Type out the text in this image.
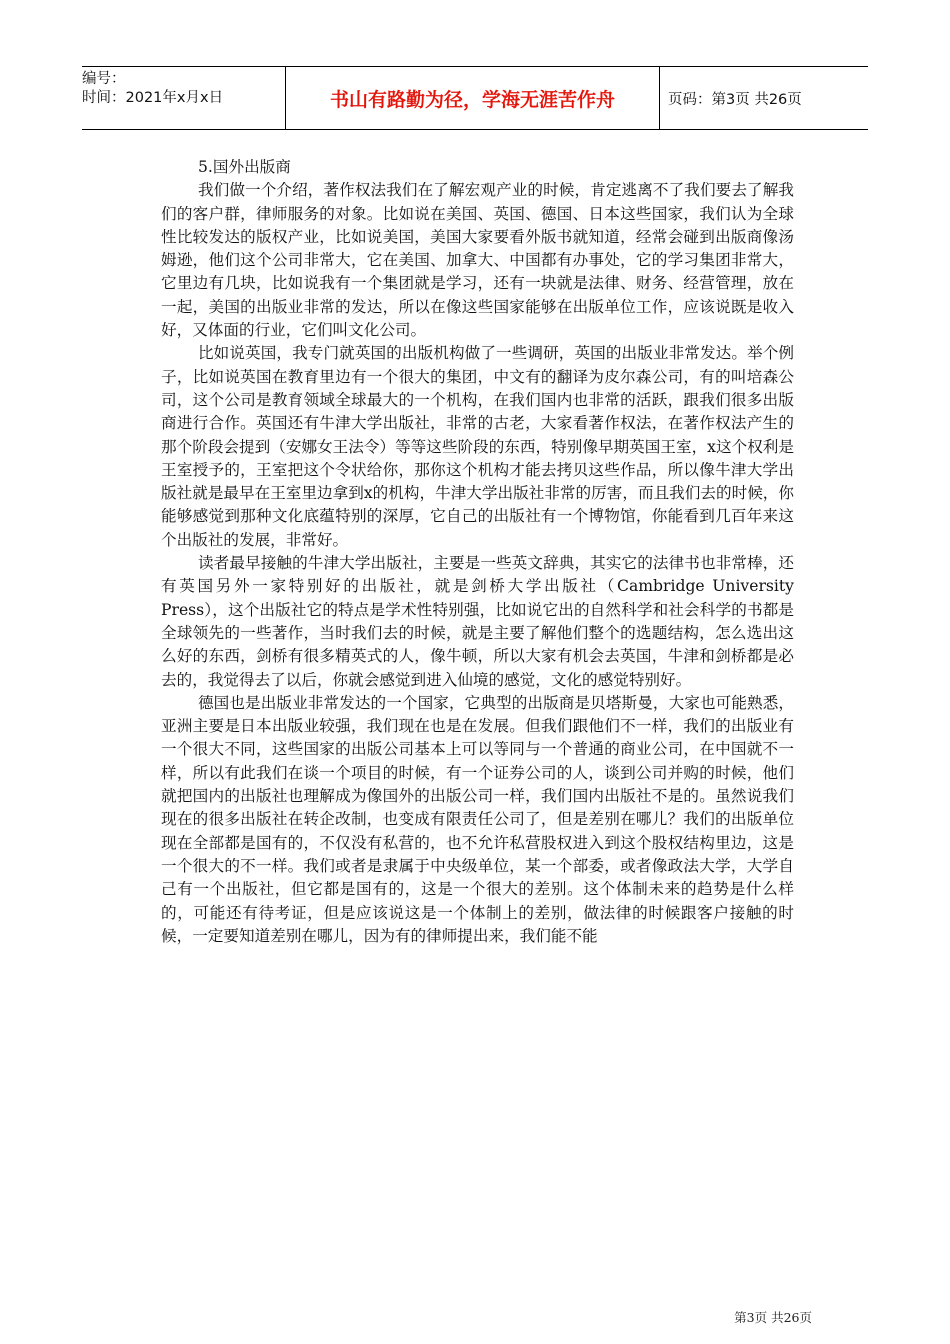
编号：
时间：2021年x月x日	书山有路勤为径，学海无涯苦作舟	页码：第3页 共26页

5.国外出版商

我们做一个介绍，著作权法我们在了解宏观产业的时候，肯定逃离不了我们要去了解我们的客户群，律师服务的对象。比如说在美国、英国、德国、日本这些国家，我们认为全球性比较发达的版权产业，比如说美国，美国大家要看外版书就知道，经常会碰到出版商像汤姆逊，他们这个公司非常大，它在美国、加拿大、中国都有办事处，它的学习集团非常大，它里边有几块，比如说我有一个集团就是学习，还有一块就是法律、财务、经营管理，放在一起，美国的出版业非常的发达，所以在像这些国家能够在出版单位工作，应该说既是收入好，又体面的行业，它们叫文化公司。

比如说英国，我专门就英国的出版机构做了一些调研，英国的出版业非常发达。举个例子，比如说英国在教育里边有一个很大的集团，中文有的翻译为皮尔森公司，有的叫培森公司，这个公司是教育领域全球最大的一个机构，在我们国内也非常的活跃，跟我们很多出版商进行合作。英国还有牛津大学出版社，非常的古老，大家看著作权法，在著作权法产生的那个阶段会提到（安娜女王法令）等等这些阶段的东西，特别像早期英国王室，x这个权利是王室授予的，王室把这个令状给你，那你这个机构才能去拷贝这些作品，所以像牛津大学出版社就是最早在王室里边拿到x的机构，牛津大学出版社非常的厉害，而且我们去的时候，你能够感觉到那种文化底蕴特别的深厚，它自己的出版社有一个博物馆，你能看到几百年来这个出版社的发展，非常好。

读者最早接触的牛津大学出版社，主要是一些英文辞典，其实它的法律书也非常棒，还有英国另外一家特别好的出版社，就是剑桥大学出版社（Cambridge University Press），这个出版社它的特点是学术性特别强，比如说它出的自然科学和社会科学的书都是全球领先的一些著作，当时我们去的时候，就是主要了解他们整个的选题结构，怎么选出这么好的东西，剑桥有很多精英式的人，像牛顿，所以大家有机会去英国，牛津和剑桥都是必去的，我觉得去了以后，你就会感觉到进入仙境的感觉，文化的感觉特别好。

德国也是出版业非常发达的一个国家，它典型的出版商是贝塔斯曼，大家也可能熟悉，亚洲主要是日本出版业较强，我们现在也是在发展。但我们跟他们不一样，我们的出版业有一个很大不同，这些国家的出版公司基本上可以等同与一个普通的商业公司，在中国就不一样，所以有此我们在谈一个项目的时候，有一个证券公司的人，谈到公司并购的时候，他们就把国内的出版社也理解成为像国外的出版公司一样，我们国内出版社不是的。虽然说我们现在的很多出版社在转企改制，也变成有限责任公司了，但是差别在哪儿？我们的出版单位现在全部都是国有的，不仅没有私营的，也不允许私营股权进入到这个股权结构里边，这是一个很大的不一样。我们或者是隶属于中央级单位，某一个部委，或者像政法大学，大学自己有一个出版社，但它都是国有的，这是一个很大的差别。这个体制未来的趋势是什么样的，可能还有待考证，但是应该说这是一个体制上的差别，做法律的时候跟客户接触的时候，一定要知道差别在哪儿，因为有的律师提出来，我们能不能

第3页 共26页
